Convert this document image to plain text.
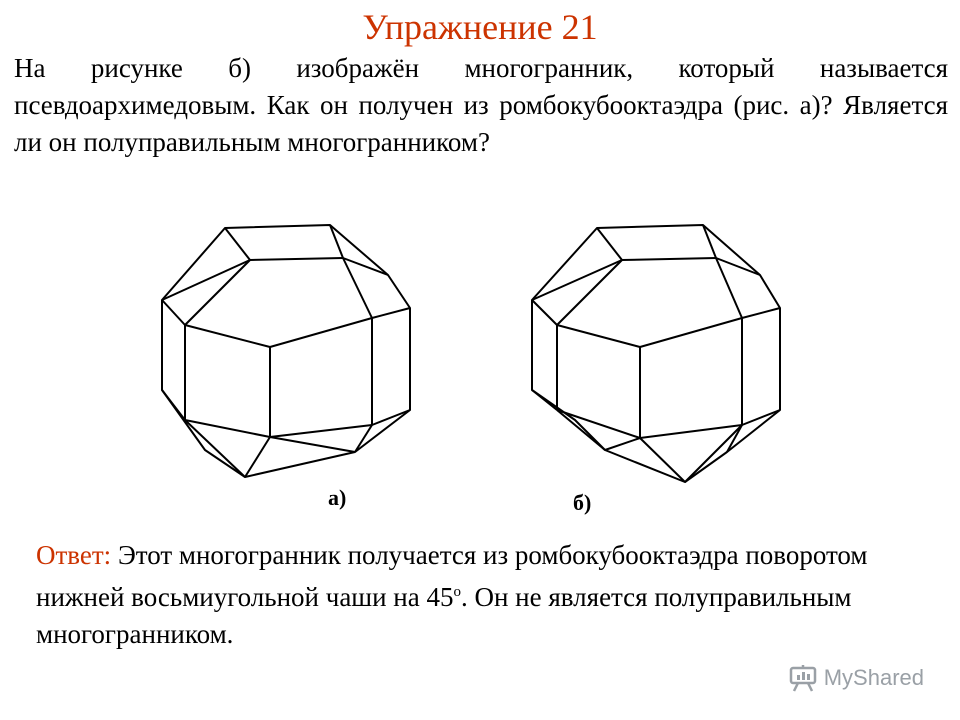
Упражнение 21
На рисунке б) изображён многогранник, который называется псевдоархимедовым. Как он получен из ромбокубооктаэдра (рис. а)? Является ли он полуправильным многогранником?
а)	б)
Ответ: Этот многогранник получается из ромбокубооктаэдра поворотом нижней восьмиугольной чаши на $45^о$. Он не является полуправильным многогранником.
MyShared
